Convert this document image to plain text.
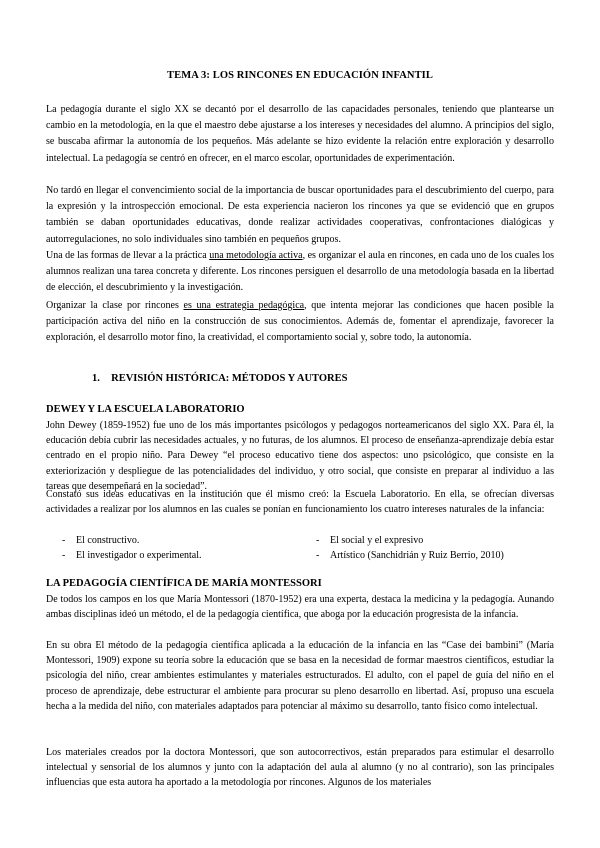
TEMA 3: LOS RINCONES EN EDUCACIÓN INFANTIL

La pedagogía durante el siglo XX se decantó por el desarrollo de las capacidades personales, teniendo que plantearse un cambio en la metodología, en la que el maestro debe ajustarse a los intereses y necesidades del alumno. A principios del siglo, se buscaba afirmar la autonomía de los pequeños. Más adelante se hizo evidente la relación entre exploración y desarrollo intelectual. La pedagogía se centró en ofrecer, en el marco escolar, oportunidades de experimentación.

No tardó en llegar el convencimiento social de la importancia de buscar oportunidades para el descubrimiento del cuerpo, para la expresión y la introspección emocional. De esta experiencia nacieron los rincones ya que se evidenció que en grupos también se daban oportunidades educativas, donde realizar actividades cooperativas, confrontaciones dialógicas y autorregulaciones, no solo individuales sino también en pequeños grupos.

Una de las formas de llevar a la práctica una metodología activa, es organizar el aula en rincones, en cada uno de los cuales los alumnos realizan una tarea concreta y diferente. Los rincones persiguen el desarrollo de una metodología basada en la libertad de elección, el descubrimiento y la investigación.

Organizar la clase por rincones es una estrategia pedagógica, que intenta mejorar las condiciones que hacen posible la participación activa del niño en la construcción de sus conocimientos. Además de, fomentar el aprendizaje, favorecer la exploración, el desarrollo motor fino, la creatividad, el comportamiento social y, sobre todo, la autonomía.

1. REVISIÓN HISTÓRICA: MÉTODOS Y AUTORES
DEWEY Y LA ESCUELA LABORATORIO

John Dewey (1859-1952) fue uno de los más importantes psicólogos y pedagogos norteamericanos del siglo XX. Para él, la educación debía cubrir las necesidades actuales, y no futuras, de los alumnos. El proceso de enseñanza-aprendizaje debía estar centrado en el propio niño. Para Dewey “el proceso educativo tiene dos aspectos: uno psicológico, que consiste en la exteriorización y despliegue de las potencialidades del individuo, y otro social, que consiste en preparar al individuo a las tareas que desempeñará en la sociedad”.

Constató sus ideas educativas en la institución que él mismo creó: la Escuela Laboratorio. En ella, se ofrecían diversas actividades a realizar por los alumnos en las cuales se ponían en funcionamiento los cuatro intereses naturales de la infancia:

-	El constructivo.	-	El social y el expresivo
-	El investigador o experimental.	-	Artístico (Sanchidrián y Ruiz Berrio, 2010)
LA PEDAGOGÍA CIENTÍFICA DE MARÍA MONTESSORI

De todos los campos en los que María Montessori (1870-1952) era una experta, destaca la medicina y la pedagogía. Aunando ambas disciplinas ideó un método, el de la pedagogía científica, que aboga por la educación progresista de la infancia.

En su obra El método de la pedagogía científica aplicada a la educación de la infancia en las “Case dei bambini” (María Montessori, 1909) expone su teoría sobre la educación que se basa en la necesidad de formar maestros científicos, estudiar la psicología del niño, crear ambientes estimulantes y materiales estructurados. El adulto, con el papel de guía del niño en el proceso de aprendizaje, debe estructurar el ambiente para procurar su pleno desarrollo en libertad. Así, propuso una escuela hecha a la medida del niño, con materiales adaptados para potenciar al máximo su desarrollo, tanto físico como intelectual.

Los materiales creados por la doctora Montessori, que son autocorrectivos, están preparados para estimular el desarrollo intelectual y sensorial de los alumnos y junto con la adaptación del aula al alumno (y no al contrario), son las principales influencias que esta autora ha aportado a la metodología por rincones. Algunos de los materiales
